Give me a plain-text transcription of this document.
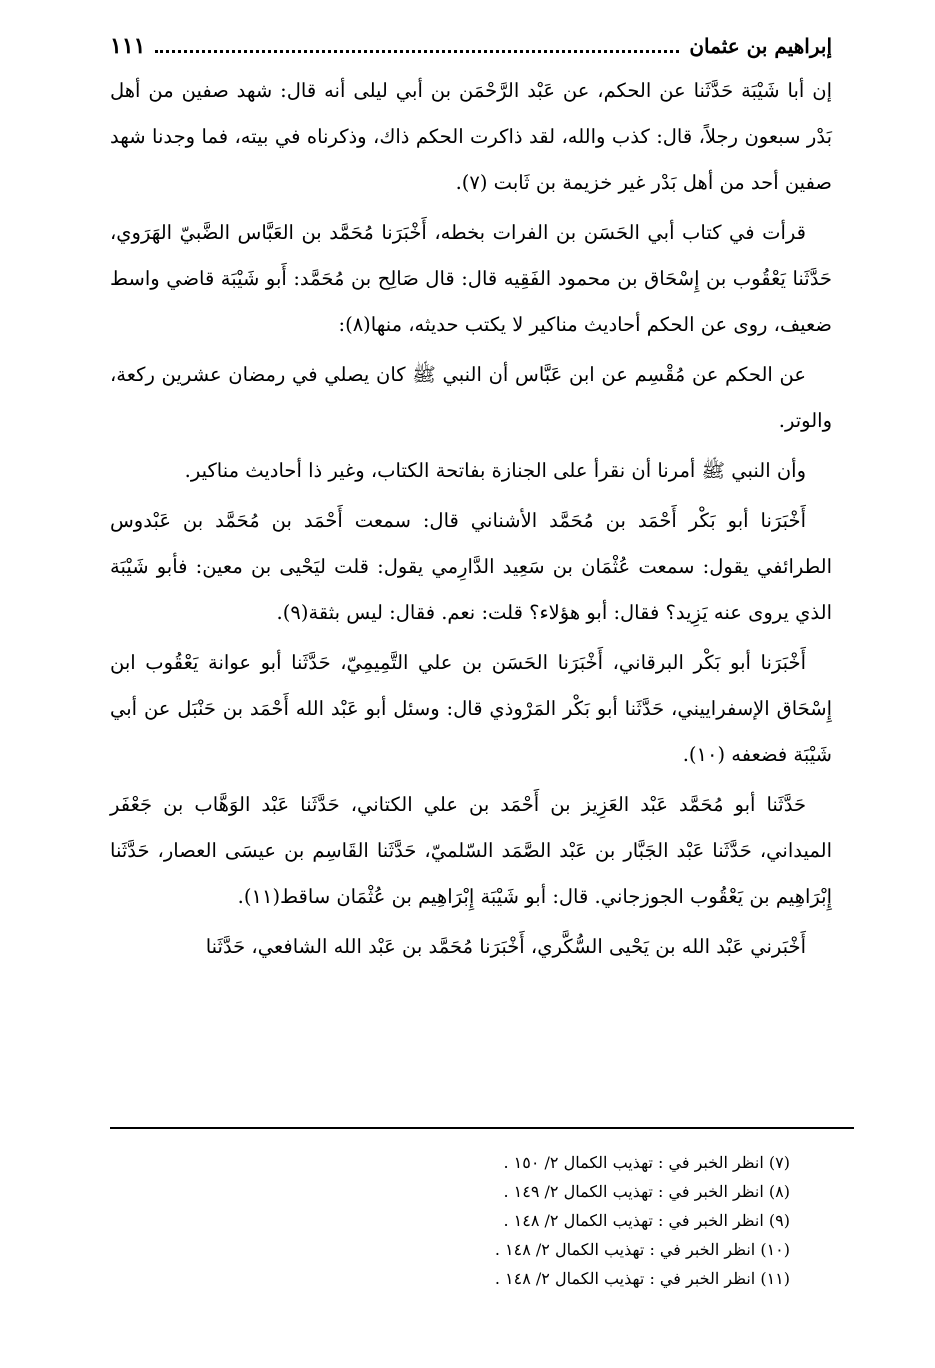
إبراهيم بن عثمان
١١١

إن أبا شَيْبَة حَدَّثَنا عن الحكم، عن عَبْد الرَّحْمَن بن أبي ليلى أنه قال: شهد صفين من أهل بَدْر سبعون رجلاً، قال: كذب والله، لقد ذاكرت الحكم ذاك، وذكرناه في بيته، فما وجدنا شهد صفين أحد من أهل بَدْر غير خزيمة بن ثَابت (٧).

قرأت في كتاب أبي الحَسَن بن الفرات بخطه، أَخْبَرَنا مُحَمَّد بن العَبَّاس الضَّبيّ الهَرَوي، حَدَّثَنا يَعْقُوب بن إِسْحَاق بن محمود الفَقِيه قال: قال صَالِح بن مُحَمَّد: أَبو شَيْبَة قاضي واسط ضعيف، روى عن الحكم أحاديث مناكير لا يكتب حديثه، منها(٨):

عن الحكم عن مُقْسِم عن ابن عَبَّاس أن النبي ﷺ كان يصلي في رمضان عشرين ركعة، والوتر.

وأن النبي ﷺ أمرنا أن نقرأ على الجنازة بفاتحة الكتاب، وغير ذا أحاديث مناكير.

أَخْبَرَنا أبو بَكْر أَحْمَد بن مُحَمَّد الأشناني قال: سمعت أَحْمَد بن مُحَمَّد بن عَبْدوس الطرائفي يقول: سمعت عُثْمَان بن سَعِيد الدَّارِمي يقول: قلت ليَحْيى بن معين: فأبو شَيْبَة الذي يروى عنه يَزِيد؟ فقال: أبو هؤلاء؟ قلت: نعم. فقال: ليس بثقة(٩).

أَخْبَرَنا أبو بَكْر البرقاني، أَخْبَرَنا الحَسَن بن علي التَّمِيمِيّ، حَدَّثَنا أبو عوانة يَعْقُوب ابن إِسْحَاق الإسفراييني، حَدَّثَنا أبو بَكْر المَرْوذي قال: وسئل أبو عَبْد الله أَحْمَد بن حَنْبَل عن أبي شَيْبَة فضعفه (١٠).

حَدَّثَنا أبو مُحَمَّد عَبْد العَزِيز بن أَحْمَد بن علي الكتاني، حَدَّثَنا عَبْد الوَهَّاب بن جَعْفَر الميداني، حَدَّثَنا عَبْد الجَبَّار بن عَبْد الصَّمَد السّلميّ، حَدَّثَنا القَاسِم بن عيسَى العصار، حَدَّثَنا إِبْرَاهِيم بن يَعْقُوب الجوزجاني. قال: أبو شَيْبَة إِبْرَاهِيم بن عُثْمَان ساقط(١١).

أَخْبَرني عَبْد الله بن يَحْيى السُّكَّري، أَخْبَرَنا مُحَمَّد بن عَبْد الله الشافعي، حَدَّثَنا

(٧) انظر الخبر في : تهذيب الكمال ٢/ ١٥٠ .
(٨) انظر الخبر في : تهذيب الكمال ٢/ ١٤٩ .
(٩) انظر الخبر في : تهذيب الكمال ٢/ ١٤٨ .
(١٠) انظر الخبر في : تهذيب الكمال ٢/ ١٤٨ .
(١١) انظر الخبر في : تهذيب الكمال ٢/ ١٤٨ .
